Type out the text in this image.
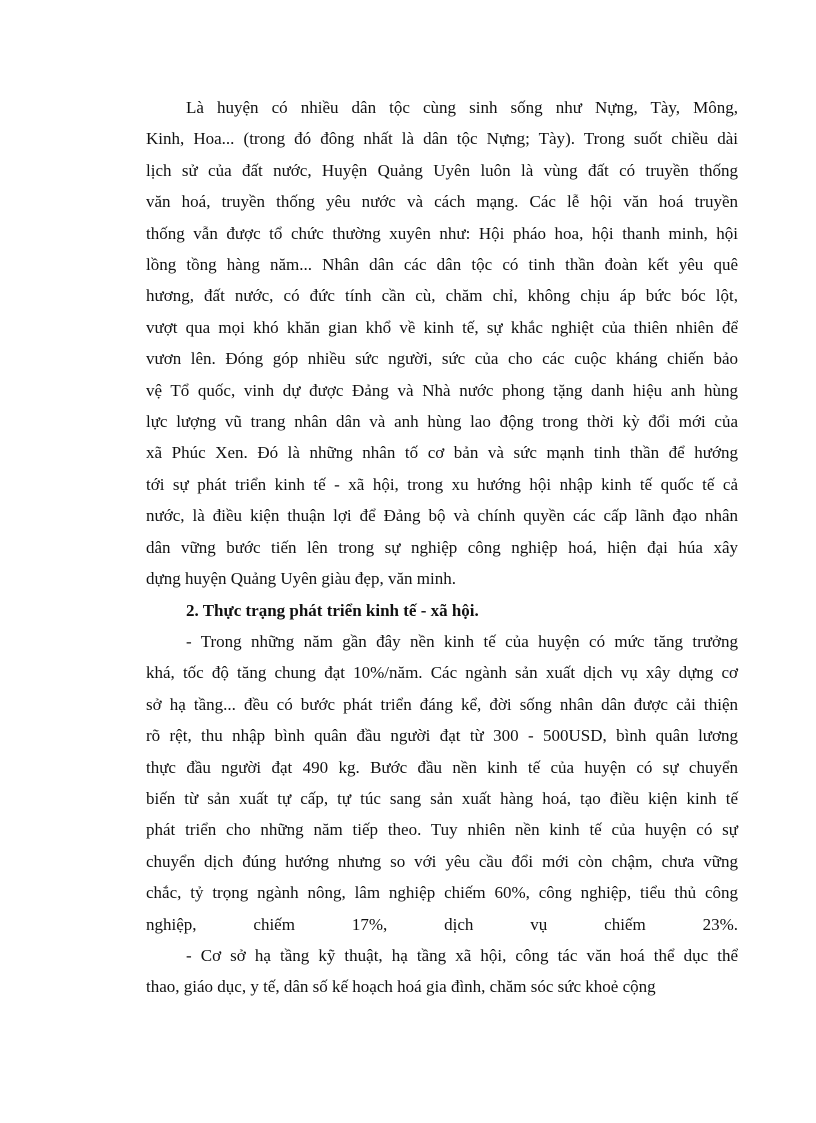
Là huyện có nhiều dân tộc cùng sinh sống như Nựng, Tày, Mông,
Kinh, Hoa... (trong đó đông nhất là dân tộc Nựng; Tày). Trong suốt chiều dài
lịch sử của đất nước, Huyện Quảng Uyên luôn là vùng đất có truyền thống
văn hoá, truyền thống yêu nước và cách mạng. Các lễ hội văn hoá truyền
thống vẫn được tổ chức thường xuyên như: Hội pháo hoa, hội thanh minh, hội
lồng tồng hàng năm... Nhân dân các dân tộc có tinh thần đoàn kết yêu quê
hương, đất nước, có đức tính cần cù, chăm chỉ, không chịu áp bức bóc lột,
vượt qua mọi khó khăn gian khổ về kinh tế, sự khắc nghiệt của thiên nhiên để
vươn lên. Đóng góp nhiều sức người, sức của cho các cuộc kháng chiến bảo
vệ Tổ quốc, vinh dự được Đảng và Nhà nước phong tặng danh hiệu anh hùng
lực lượng vũ trang nhân dân và anh hùng lao động trong thời kỳ đổi mới của
xã Phúc Xen. Đó là những nhân tố cơ bản và sức mạnh tinh thần để hướng
tới sự phát triển kinh tế - xã hội, trong xu hướng hội nhập kinh tế quốc tế cả
nước, là điều kiện thuận lợi để Đảng bộ và chính quyền các cấp lãnh đạo nhân
dân vững bước tiến lên trong sự nghiệp công nghiệp hoá, hiện đại húa xây
dựng huyện Quảng Uyên giàu đẹp, văn minh.

2. Thực trạng phát triển kinh tế - xã hội.

- Trong những năm gần đây nền kinh tế của huyện có mức tăng trưởng
khá, tốc độ tăng chung đạt 10%/năm. Các ngành sản xuất dịch vụ xây dựng cơ
sở hạ tầng... đều có bước phát triển đáng kể, đời sống nhân dân được cải thiện
rõ rệt, thu nhập bình quân đầu người đạt từ 300 - 500USD, bình quân lương
thực đầu người đạt 490 kg. Bước đầu nền kinh tế của huyện có sự chuyển
biến từ sản xuất tự cấp, tự túc sang sản xuất hàng hoá, tạo điều kiện kinh tế
phát triển cho những năm tiếp theo. Tuy nhiên nền kinh tế của huyện có sự
chuyển dịch đúng hướng nhưng so với yêu cầu đổi mới còn chậm, chưa vững
chắc, tỷ trọng ngành nông, lâm nghiệp chiếm 60%, công nghiệp, tiểu thủ công
nghiệp, chiếm 17%, dịch vụ chiếm 23%.

- Cơ sở hạ tầng kỹ thuật, hạ tầng xã hội, công tác văn hoá thể dục thể
thao, giáo dục, y tế, dân số kế hoạch hoá gia đình, chăm sóc sức khoẻ cộng
